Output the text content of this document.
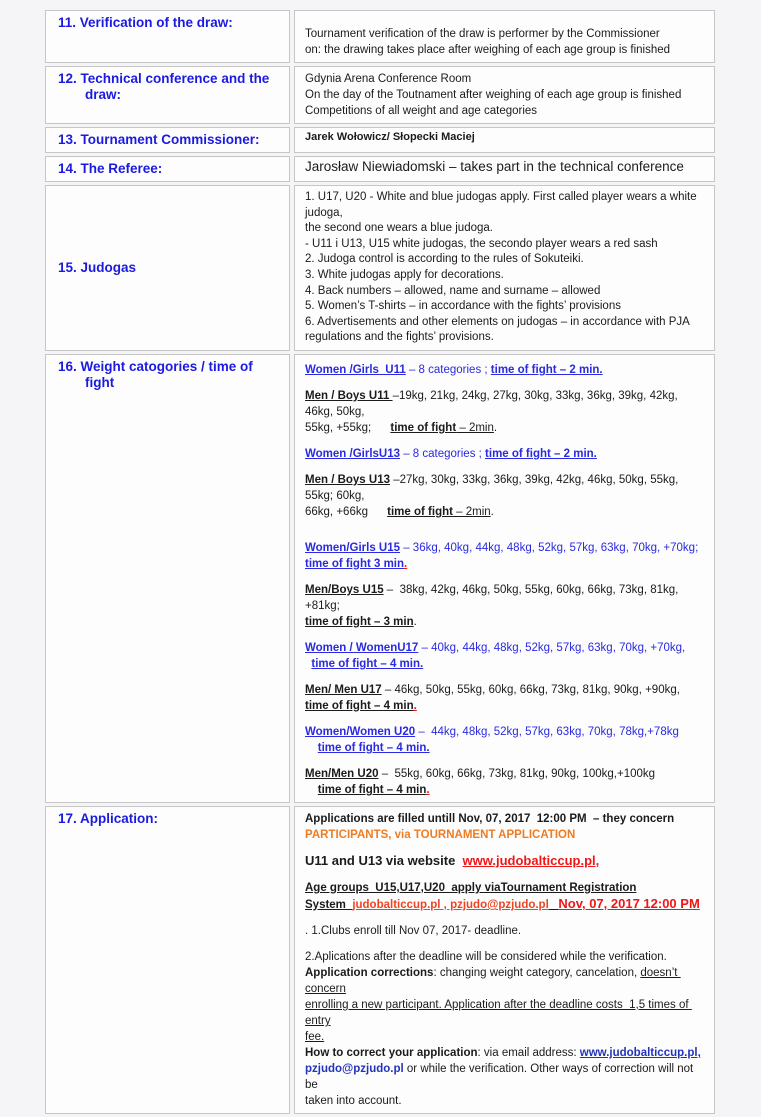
11. Verification of the draw:
Tournament verification of the draw is performer by the Commissioner
on: the drawing takes place after weighing of each age group is finished
12. Technical conference and the draw:
Gdynia Arena Conference Room
On the day of the Toutnament after weighing of each age group is finished
Competitions of all weight and age categories
13. Tournament Commissioner:	Jarek Wołowicz/ Słopecki Maciej
14. The Referee:	Jarosław Niewiadomski – takes part in the technical conference
15. Judogas
1. U17, U20 - White and blue judogas apply. First called player wears a white judoga,
the second one wears a blue judoga.
- U11 i U13, U15 white judogas, the secondo player wears a red sash
2. Judoga control is according to the rules of Sokuteiki.
3. White judogas apply for decorations.
4. Back numbers – allowed, name and surname – allowed
5. Women’s T-shirts – in accordance with the fights’ provisions
6. Advertisements and other elements on judogas – in accordance with PJA
regulations and the fights’ provisions.
16. Weight catogories / time of fight
Women /Girls  U11 – 8 categories ; time of fight – 2 min.

Men / Boys U11 –19kg, 21kg, 24kg, 27kg, 30kg, 33kg, 36kg, 39kg, 42kg, 46kg, 50kg,
55kg, +55kg;      time of fight – 2min.

Women /GirlsU13 – 8 categories ; time of fight – 2 min.

Men / Boys U13 –27kg, 30kg, 33kg, 36kg, 39kg, 42kg, 46kg, 50kg, 55kg, 55kg; 60kg,
66kg, +66kg      time of fight – 2min.

Women/Girls U15 – 36kg, 40kg, 44kg, 48kg, 52kg, 57kg, 63kg, 70kg, +70kg;
time of fight 3 min.

Men/Boys U15 –  38kg, 42kg, 46kg, 50kg, 55kg, 60kg, 66kg, 73kg, 81kg, +81kg;
time of fight – 3 min.

Women / WomenU17 – 40kg, 44kg, 48kg, 52kg, 57kg, 63kg, 70kg, +70kg,
time of fight – 4 min.

Men/ Men U17 – 46kg, 50kg, 55kg, 60kg, 66kg, 73kg, 81kg, 90kg, +90kg,
time of fight – 4 min.

Women/Women U20 –  44kg, 48kg, 52kg, 57kg, 63kg, 70kg, 78kg,+78kg
time of fight – 4 min.

Men/Men U20 –  55kg, 60kg, 66kg, 73kg, 81kg, 90kg, 100kg,+100kg
time of fight – 4 min.
17. Application:	Applications are filled untill Nov, 07, 2017  12:00 PM  – they concern
PARTICIPANTS, via TOURNAMENT APPLICATION

U11 and U13 via website  www.judobalticcup.pl,

Age groups  U15,U17,U20  apply viaTournament Registration
System  judobalticcup.pl , pzjudo@pzjudo.pl Nov, 07, 2017 12:00 PM

. 1.Clubs enroll till Nov 07, 2017- deadline.

2.Aplications after the deadline will be considered while the verification.
Application corrections: changing weight category, cancelation, doesn’t concern
enrolling a new participant. Application after the deadline costs  1,5 times of entry
fee.
How to correct your application: via email address: www.judobalticcup.pl,
pzjudo@pzjudo.pl or while the verification. Other ways of correction will not be
taken into account.
